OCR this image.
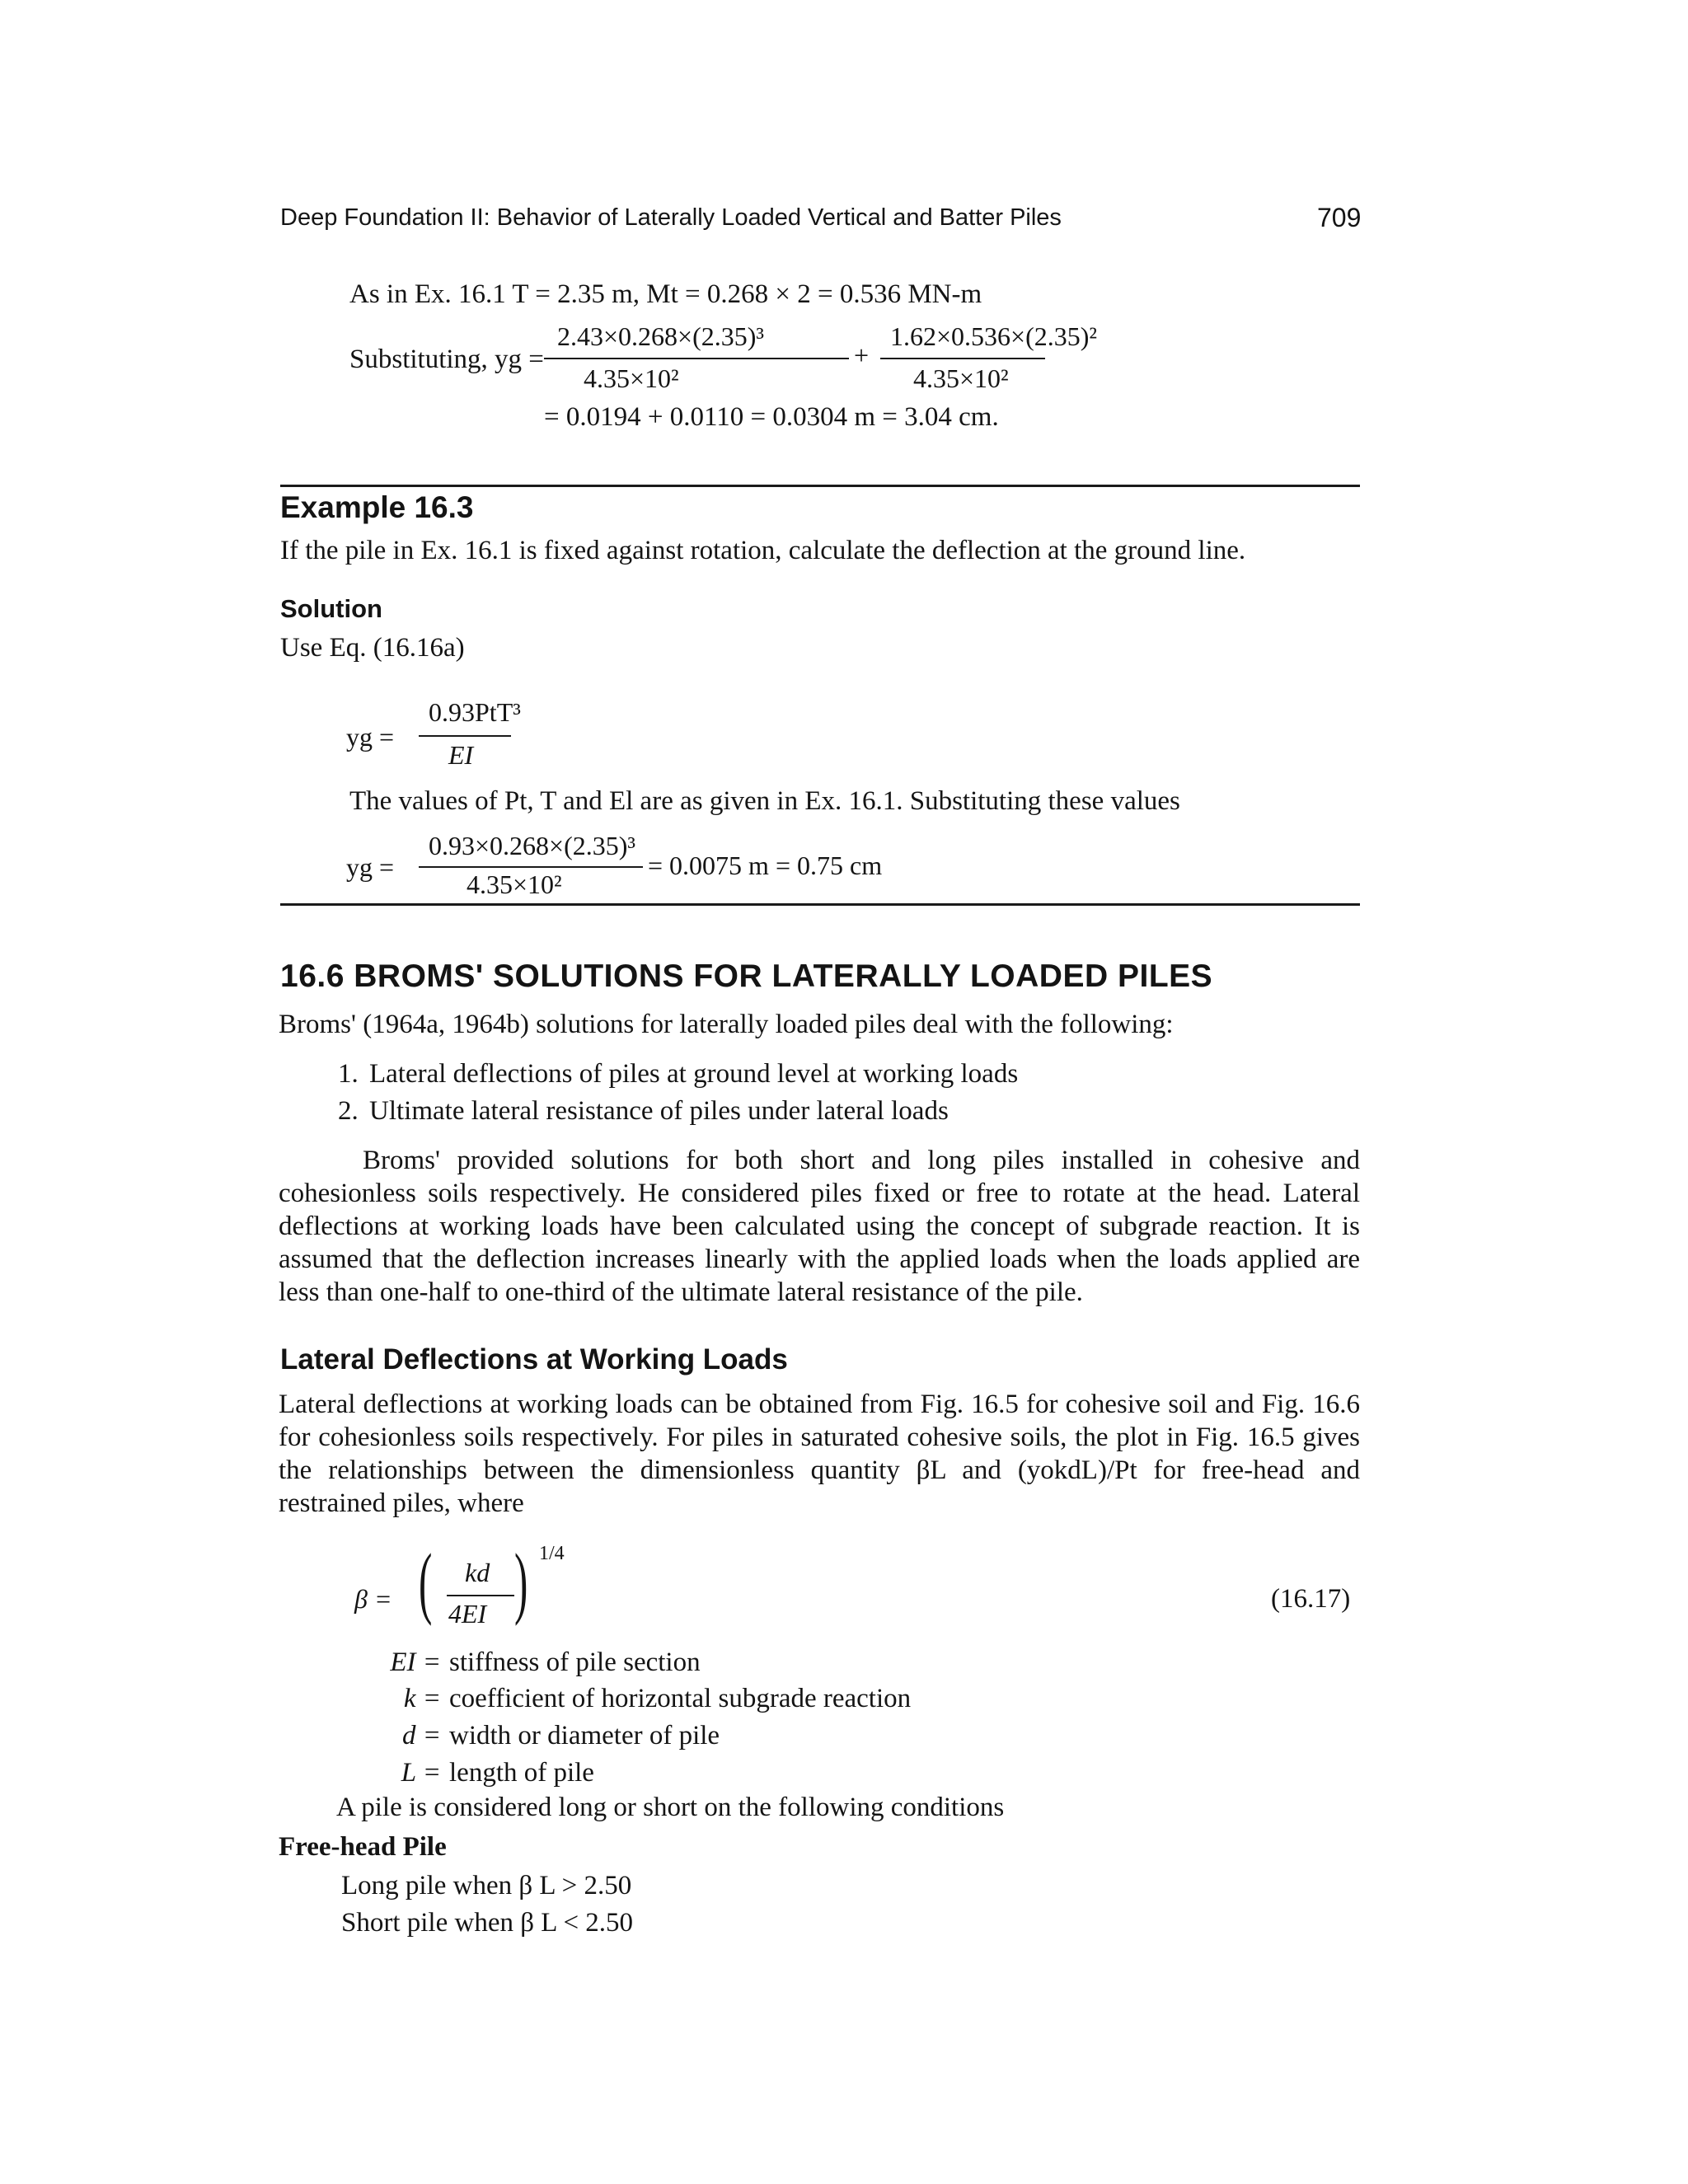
Deep Foundation II: Behavior of Laterally Loaded Vertical and Batter Piles	709
As in Ex. 16.1 T = 2.35 m, Mt = 0.268 × 2 = 0.536 MN-m
Substituting, yg =
2.43×0.268×(2.35)³
4.35×10²
+
1.62×0.536×(2.35)²
4.35×10²
= 0.0194 + 0.0110 = 0.0304 m = 3.04 cm.
Example 16.3
If the pile in Ex. 16.1 is fixed against rotation, calculate the deflection at the ground line.
Solution
Use Eq. (16.16a)
yg =
0.93PtT³
EI
The values of Pt, T and El are as given in Ex. 16.1. Substituting these values
yg =
0.93×0.268×(2.35)³
4.35×10²
= 0.0075 m = 0.75 cm
16.6 BROMS' SOLUTIONS FOR LATERALLY LOADED PILES
Broms' (1964a, 1964b) solutions for laterally loaded piles deal with the following:
1. Lateral deflections of piles at ground level at working loads
2. Ultimate lateral resistance of piles under lateral loads
Broms' provided solutions for both short and long piles installed in cohesive and cohesionless soils respectively. He considered piles fixed or free to rotate at the head. Lateral deflections at working loads have been calculated using the concept of subgrade reaction. It is assumed that the deflection increases linearly with the applied loads when the loads applied are less than one-half to one-third of the ultimate lateral resistance of the pile.
Lateral Deflections at Working Loads
Lateral deflections at working loads can be obtained from Fig. 16.5 for cohesive soil and Fig. 16.6 for cohesionless soils respectively. For piles in saturated cohesive soils, the plot in Fig. 16.5 gives the relationships between the dimensionless quantity βL and (yokdL)/Pt for free-head and restrained piles, where
β = ( kd
4EI ) 1/4
(16.17)
EI = stiffness of pile section
k = coefficient of horizontal subgrade reaction
d = width or diameter of pile
L = length of pile
A pile is considered long or short on the following conditions
Free-head Pile
Long pile when β L > 2.50
Short pile when β L < 2.50
